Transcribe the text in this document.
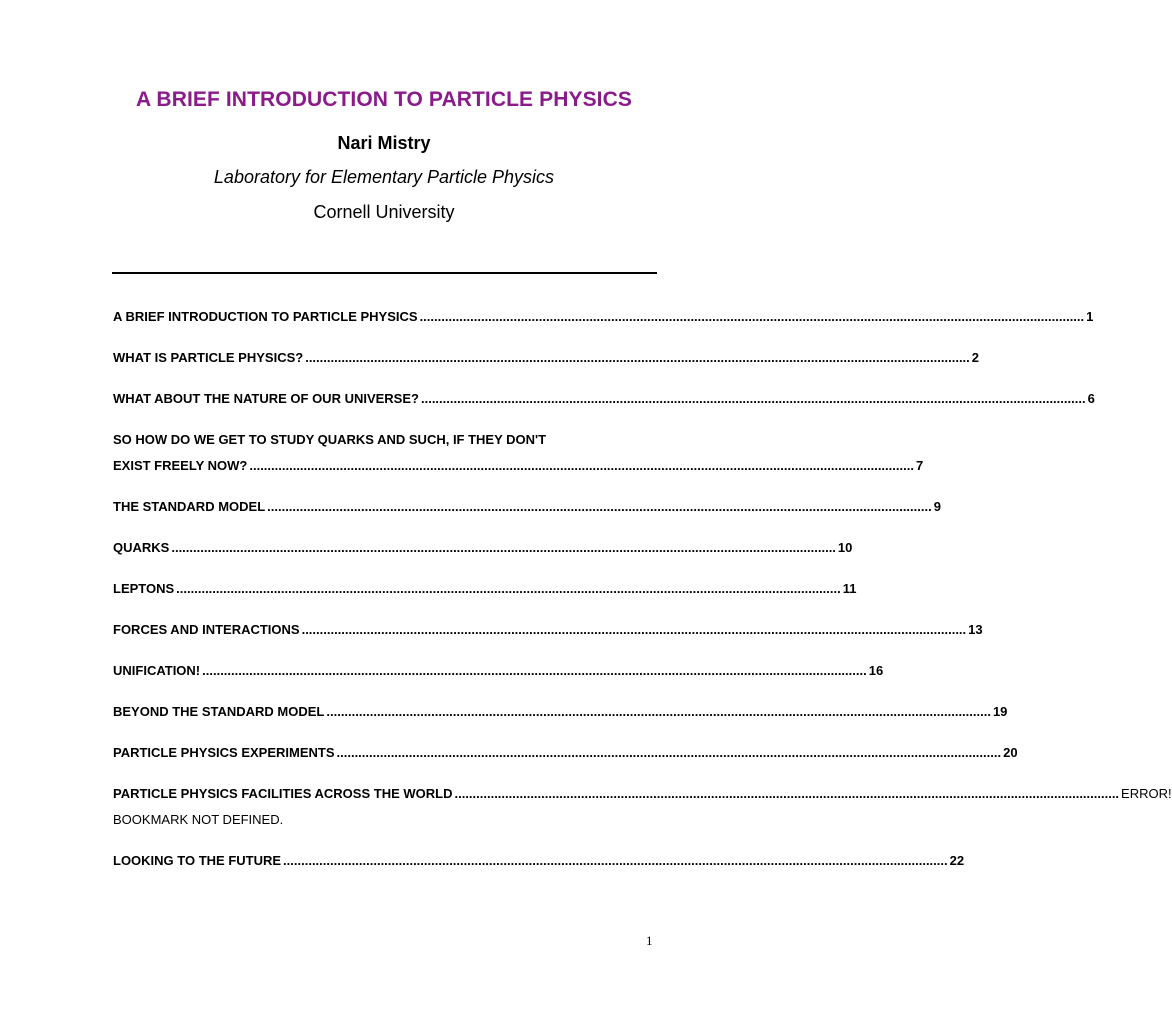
A BRIEF INTRODUCTION TO PARTICLE PHYSICS
Nari Mistry
Laboratory for Elementary Particle Physics
Cornell University
A BRIEF INTRODUCTION TO PARTICLE PHYSICS ........................................................................................................................................................................................ 1
WHAT IS PARTICLE PHYSICS? ........................................................................................................................................................................................ 2
WHAT ABOUT THE NATURE OF OUR UNIVERSE? ........................................................................................................................................................................................ 6
SO HOW DO WE GET TO STUDY QUARKS AND SUCH, IF THEY DON'T
EXIST FREELY NOW? ........................................................................................................................................................................................ 7
THE STANDARD MODEL ........................................................................................................................................................................................ 9
QUARKS ........................................................................................................................................................................................ 10
LEPTONS ........................................................................................................................................................................................ 11
FORCES AND INTERACTIONS ........................................................................................................................................................................................ 13
UNIFICATION! ........................................................................................................................................................................................ 16
BEYOND THE STANDARD MODEL ........................................................................................................................................................................................ 19
PARTICLE PHYSICS EXPERIMENTS ........................................................................................................................................................................................ 20
PARTICLE PHYSICS FACILITIES ACROSS THE WORLD ........................................................................................................................................................................................ ERROR!
BOOKMARK NOT DEFINED.
LOOKING TO THE FUTURE ........................................................................................................................................................................................ 22
1
